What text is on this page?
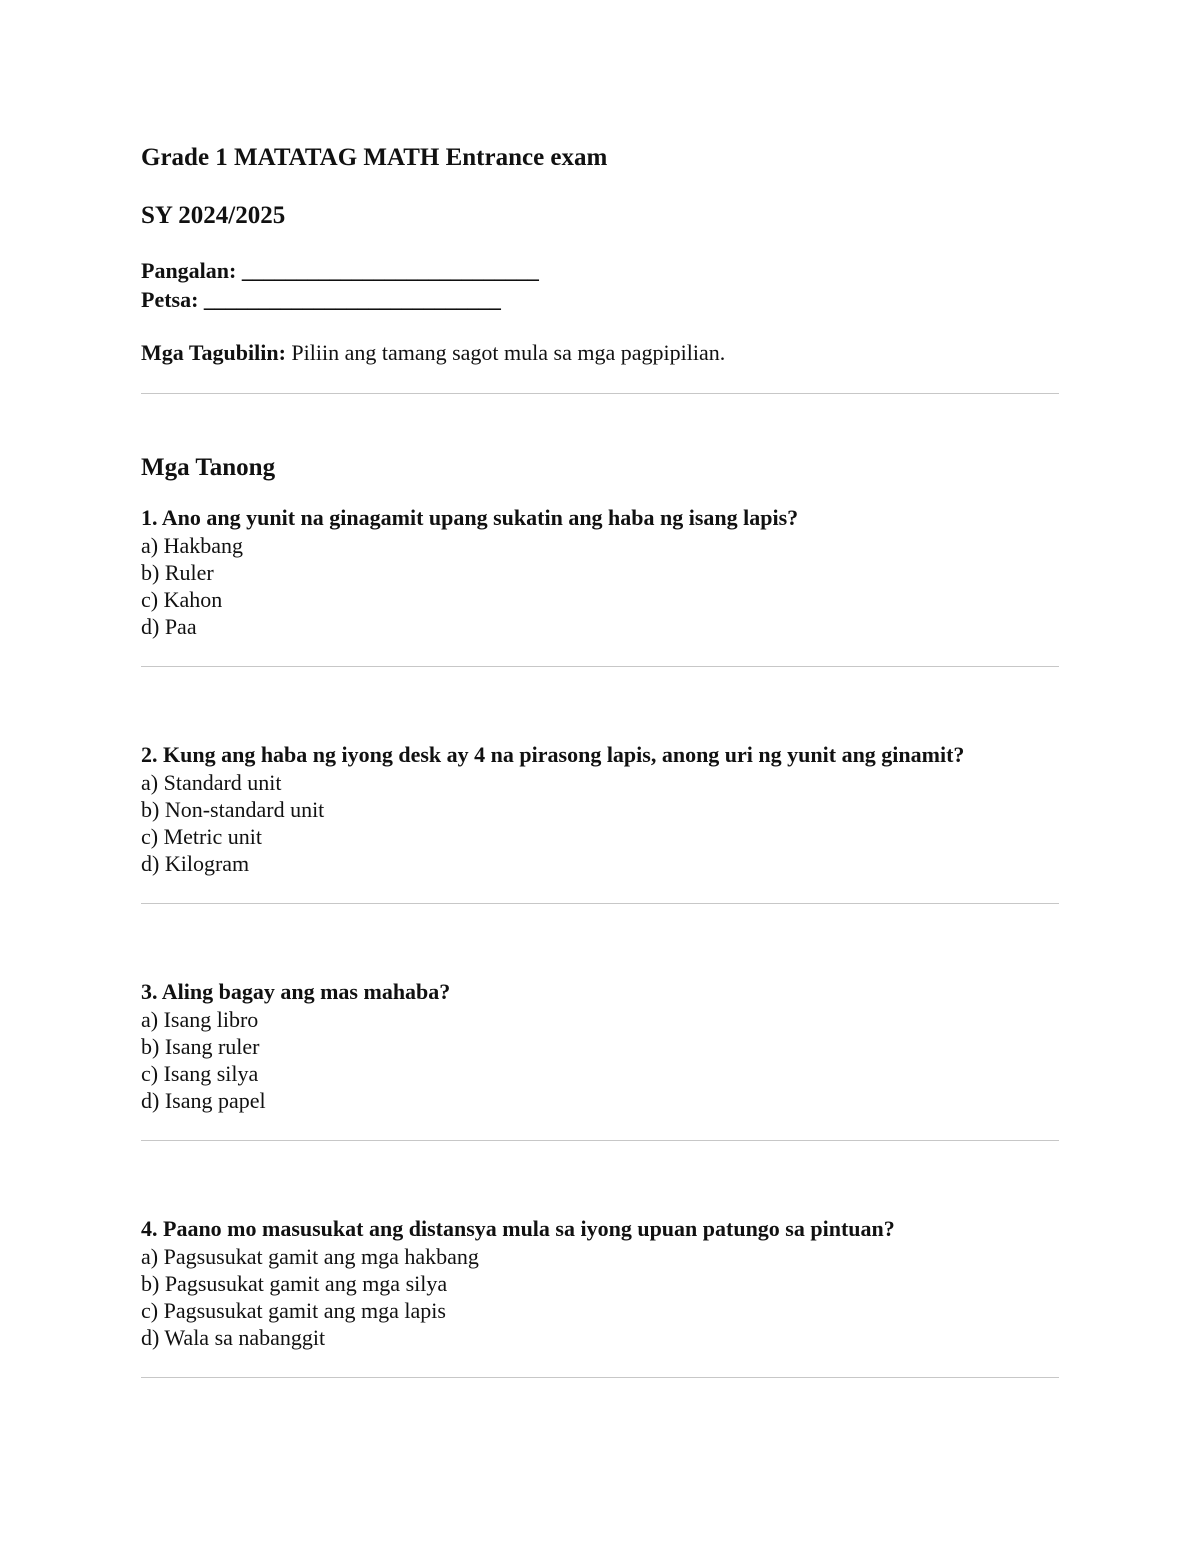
Grade 1 MATATAG MATH Entrance exam
SY 2024/2025
Pangalan: ___________________________
Petsa: ___________________________
Mga Tagubilin: Piliin ang tamang sagot mula sa mga pagpipilian.
Mga Tanong
1. Ano ang yunit na ginagamit upang sukatin ang haba ng isang lapis?
a) Hakbang
b) Ruler
c) Kahon
d) Paa
2. Kung ang haba ng iyong desk ay 4 na pirasong lapis, anong uri ng yunit ang ginamit?
a) Standard unit
b) Non-standard unit
c) Metric unit
d) Kilogram
3. Aling bagay ang mas mahaba?
a) Isang libro
b) Isang ruler
c) Isang silya
d) Isang papel
4. Paano mo masusukat ang distansya mula sa iyong upuan patungo sa pintuan?
a) Pagsusukat gamit ang mga hakbang
b) Pagsusukat gamit ang mga silya
c) Pagsusukat gamit ang mga lapis
d) Wala sa nabanggit
